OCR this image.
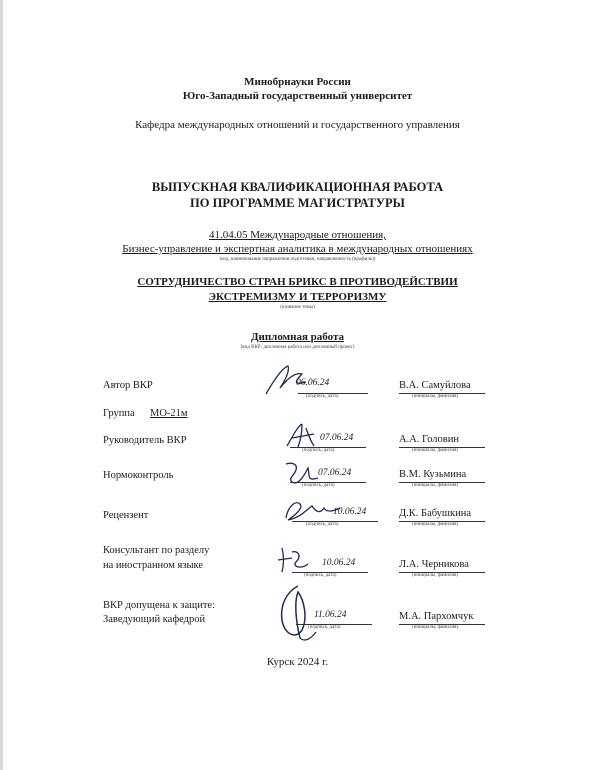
Минобрнауки России
Юго-Западный государственный университет
Кафедра международных отношений и государственного управления
ВЫПУСКНАЯ КВАЛИФИКАЦИОННАЯ РАБОТА
ПО ПРОГРАММЕ МАГИСТРАТУРЫ
41.04.05 Международные отношения,
Бизнес-управление и экспертная аналитика в международных отношениях
(код, наименование направления подготовки, направленность (профиль))
СОТРУДНИЧЕСТВО СТРАН БРИКС В ПРОТИВОДЕЙСТВИИ
ЭКСТРЕМИЗМУ И ТЕРРОРИЗМУ
(название темы)
Дипломная работа
(вид ВКР: дипломная работа или дипломный проект)
Автор ВКР	06.06.24
(подпись, дата)
В.А. Самуйлова
(инициалы, фамилия)
Группа МО-21м
Руководитель ВКР	07.06.24
(подпись, дата)
А.А. Головин
(инициалы, фамилия)
Нормоконтроль	07.06.24
(подпись, дата)
В.М. Кузьмина
(инициалы, фамилия)
Рецензент	10.06.24
(подпись, дата)
Д.К. Бабушкина
(инициалы, фамилия)
Консультант по разделу
на иностранном языке	10.06.24
(подпись, дата)
Л.А. Черникова
(инициалы, фамилия)
ВКР допущена к защите:
Заведующий кафедрой	11.06.24
(подпись, дата)
М.А. Пархомчук
(инициалы, фамилия)
Курск 2024 г.
